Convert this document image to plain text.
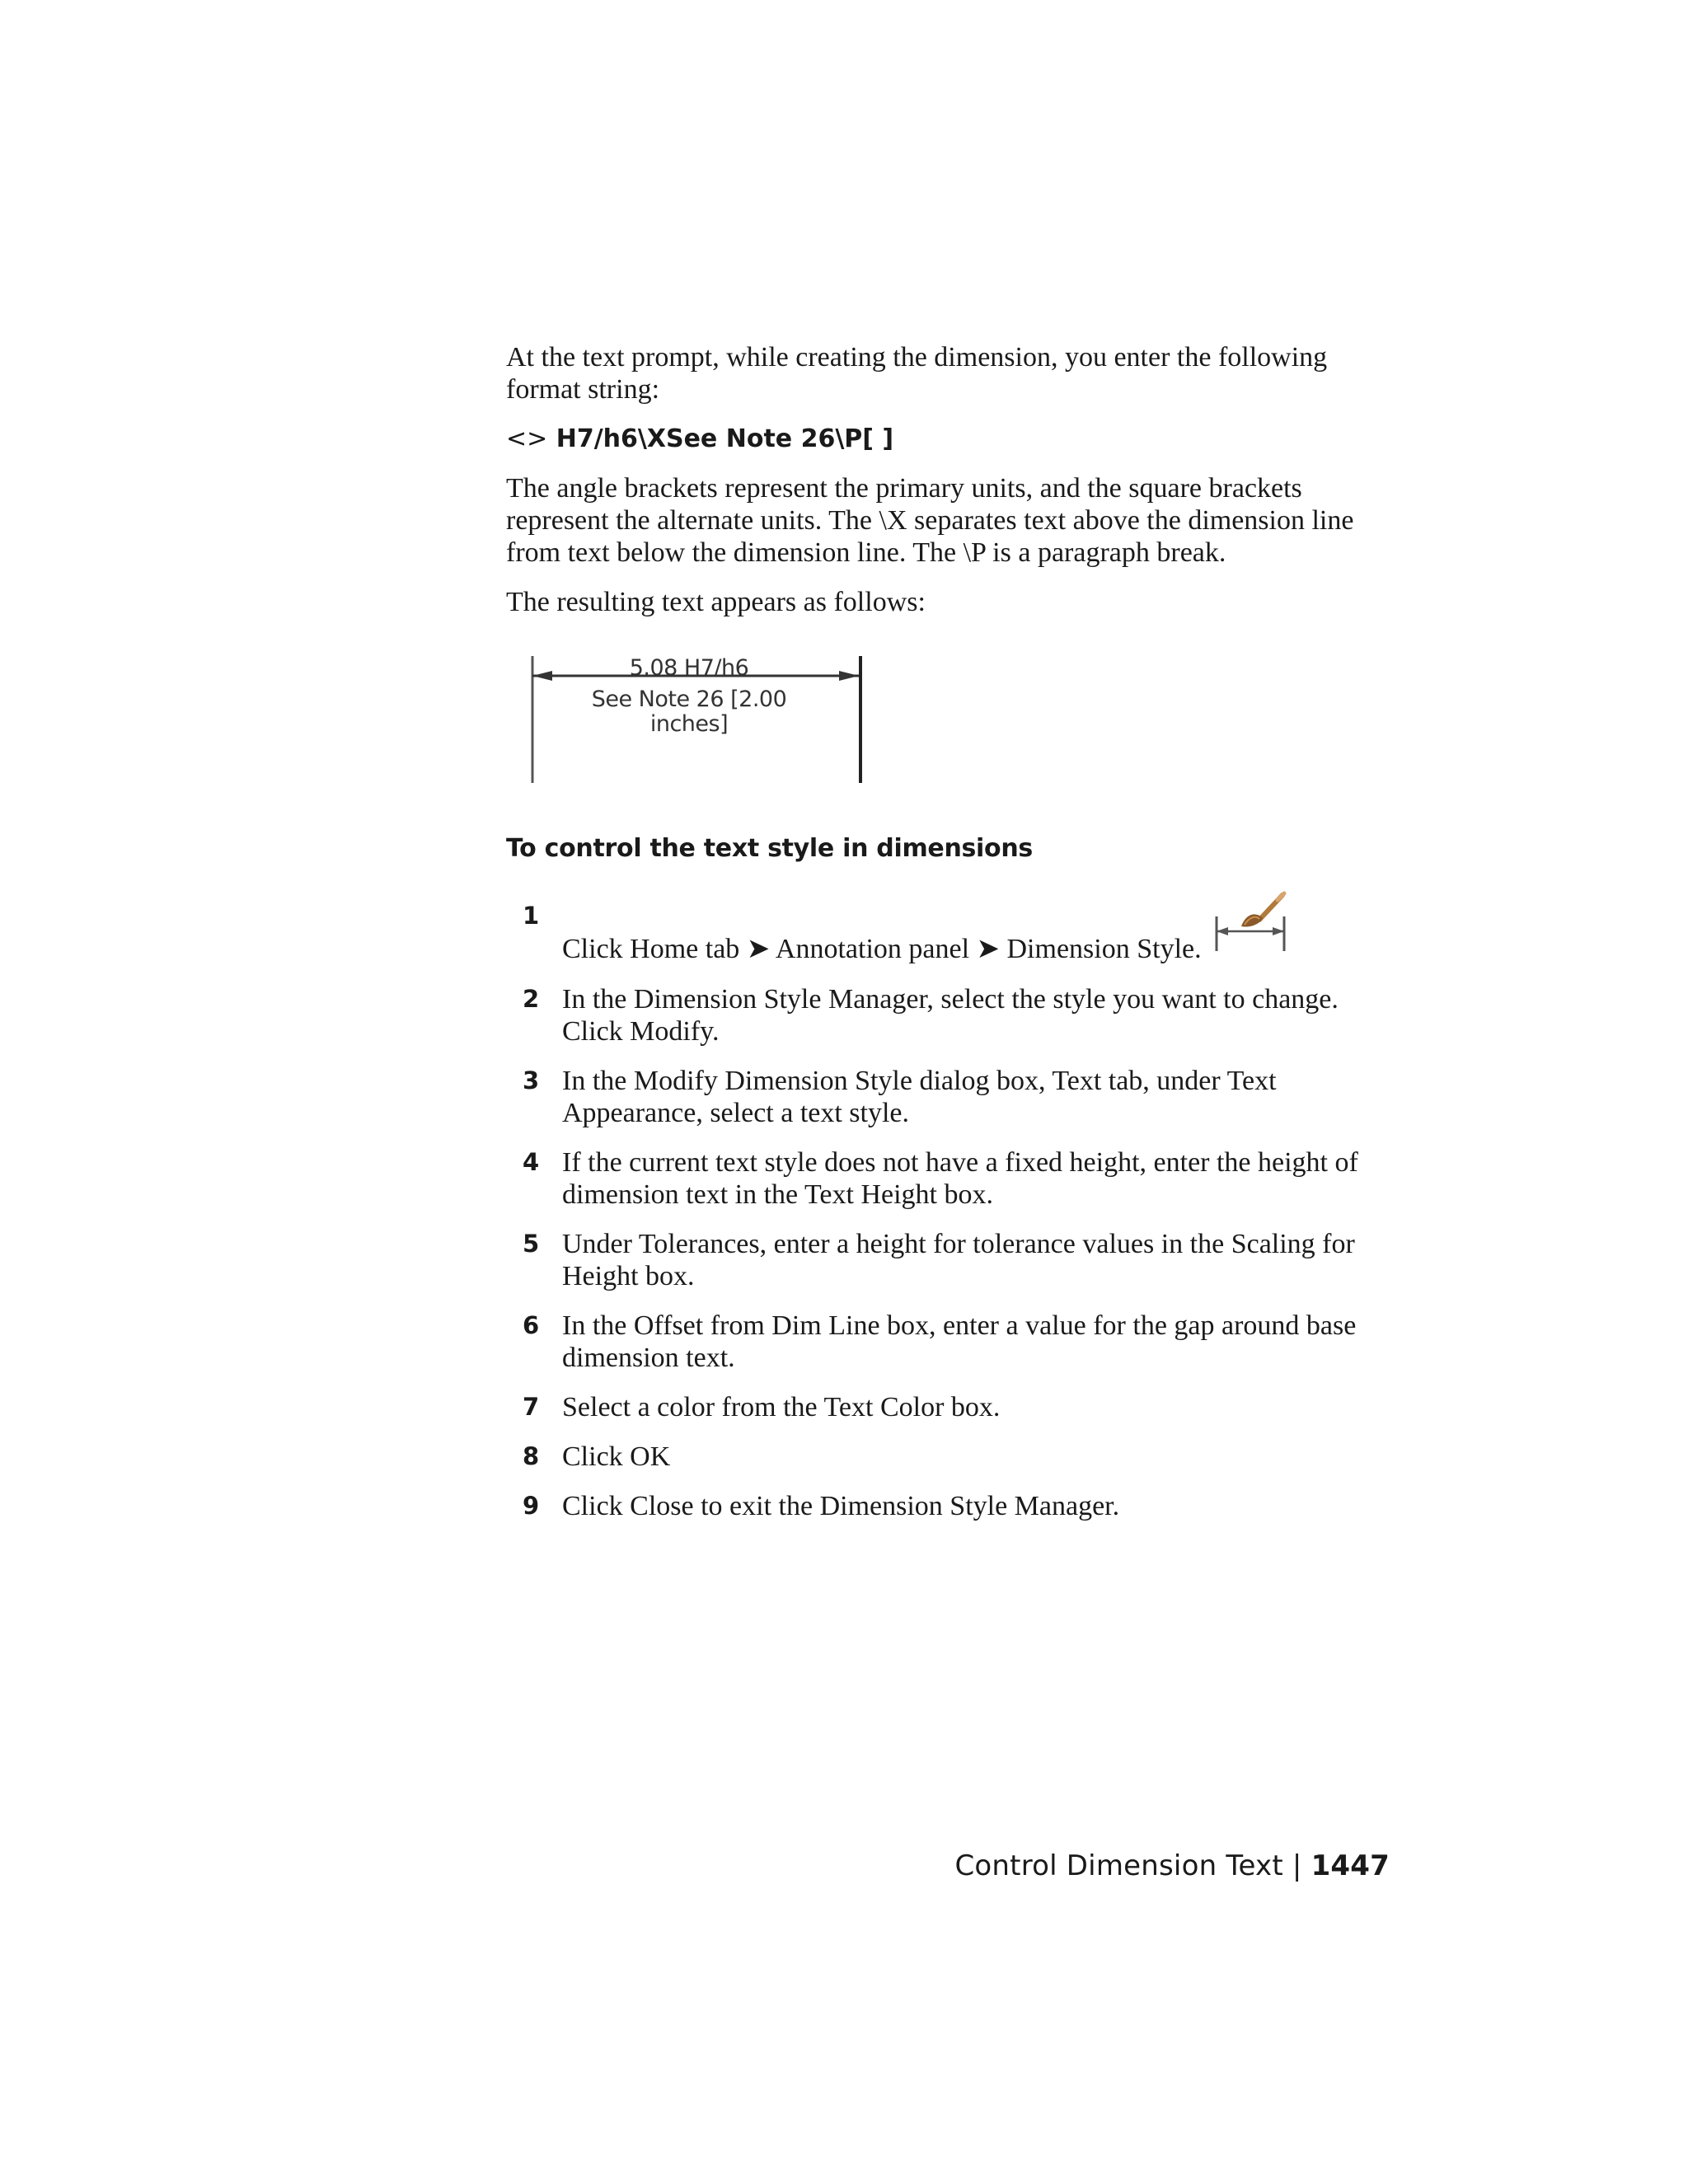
At the text prompt, while creating the dimension, you enter the following format string:

<> H7/h6\XSee Note 26\P[ ]

The angle brackets represent the primary units, and the square brackets represent the alternate units. The \X separates text above the dimension line from text below the dimension line. The \P is a paragraph break.

The resulting text appears as follows:

5.08 H7/h6
See Note 26 [2.00
inches]
To control the text style in dimensions
1
Click Home tab ➤ Annotation panel ➤ Dimension Style.
2 In the Dimension Style Manager, select the style you want to change. Click Modify.
3 In the Modify Dimension Style dialog box, Text tab, under Text Appearance, select a text style.
4 If the current text style does not have a fixed height, enter the height of dimension text in the Text Height box.
5 Under Tolerances, enter a height for tolerance values in the Scaling for Height box.
6 In the Offset from Dim Line box, enter a value for the gap around base dimension text.
7 Select a color from the Text Color box.
8 Click OK
9 Click Close to exit the Dimension Style Manager.
Control Dimension Text | 1447
